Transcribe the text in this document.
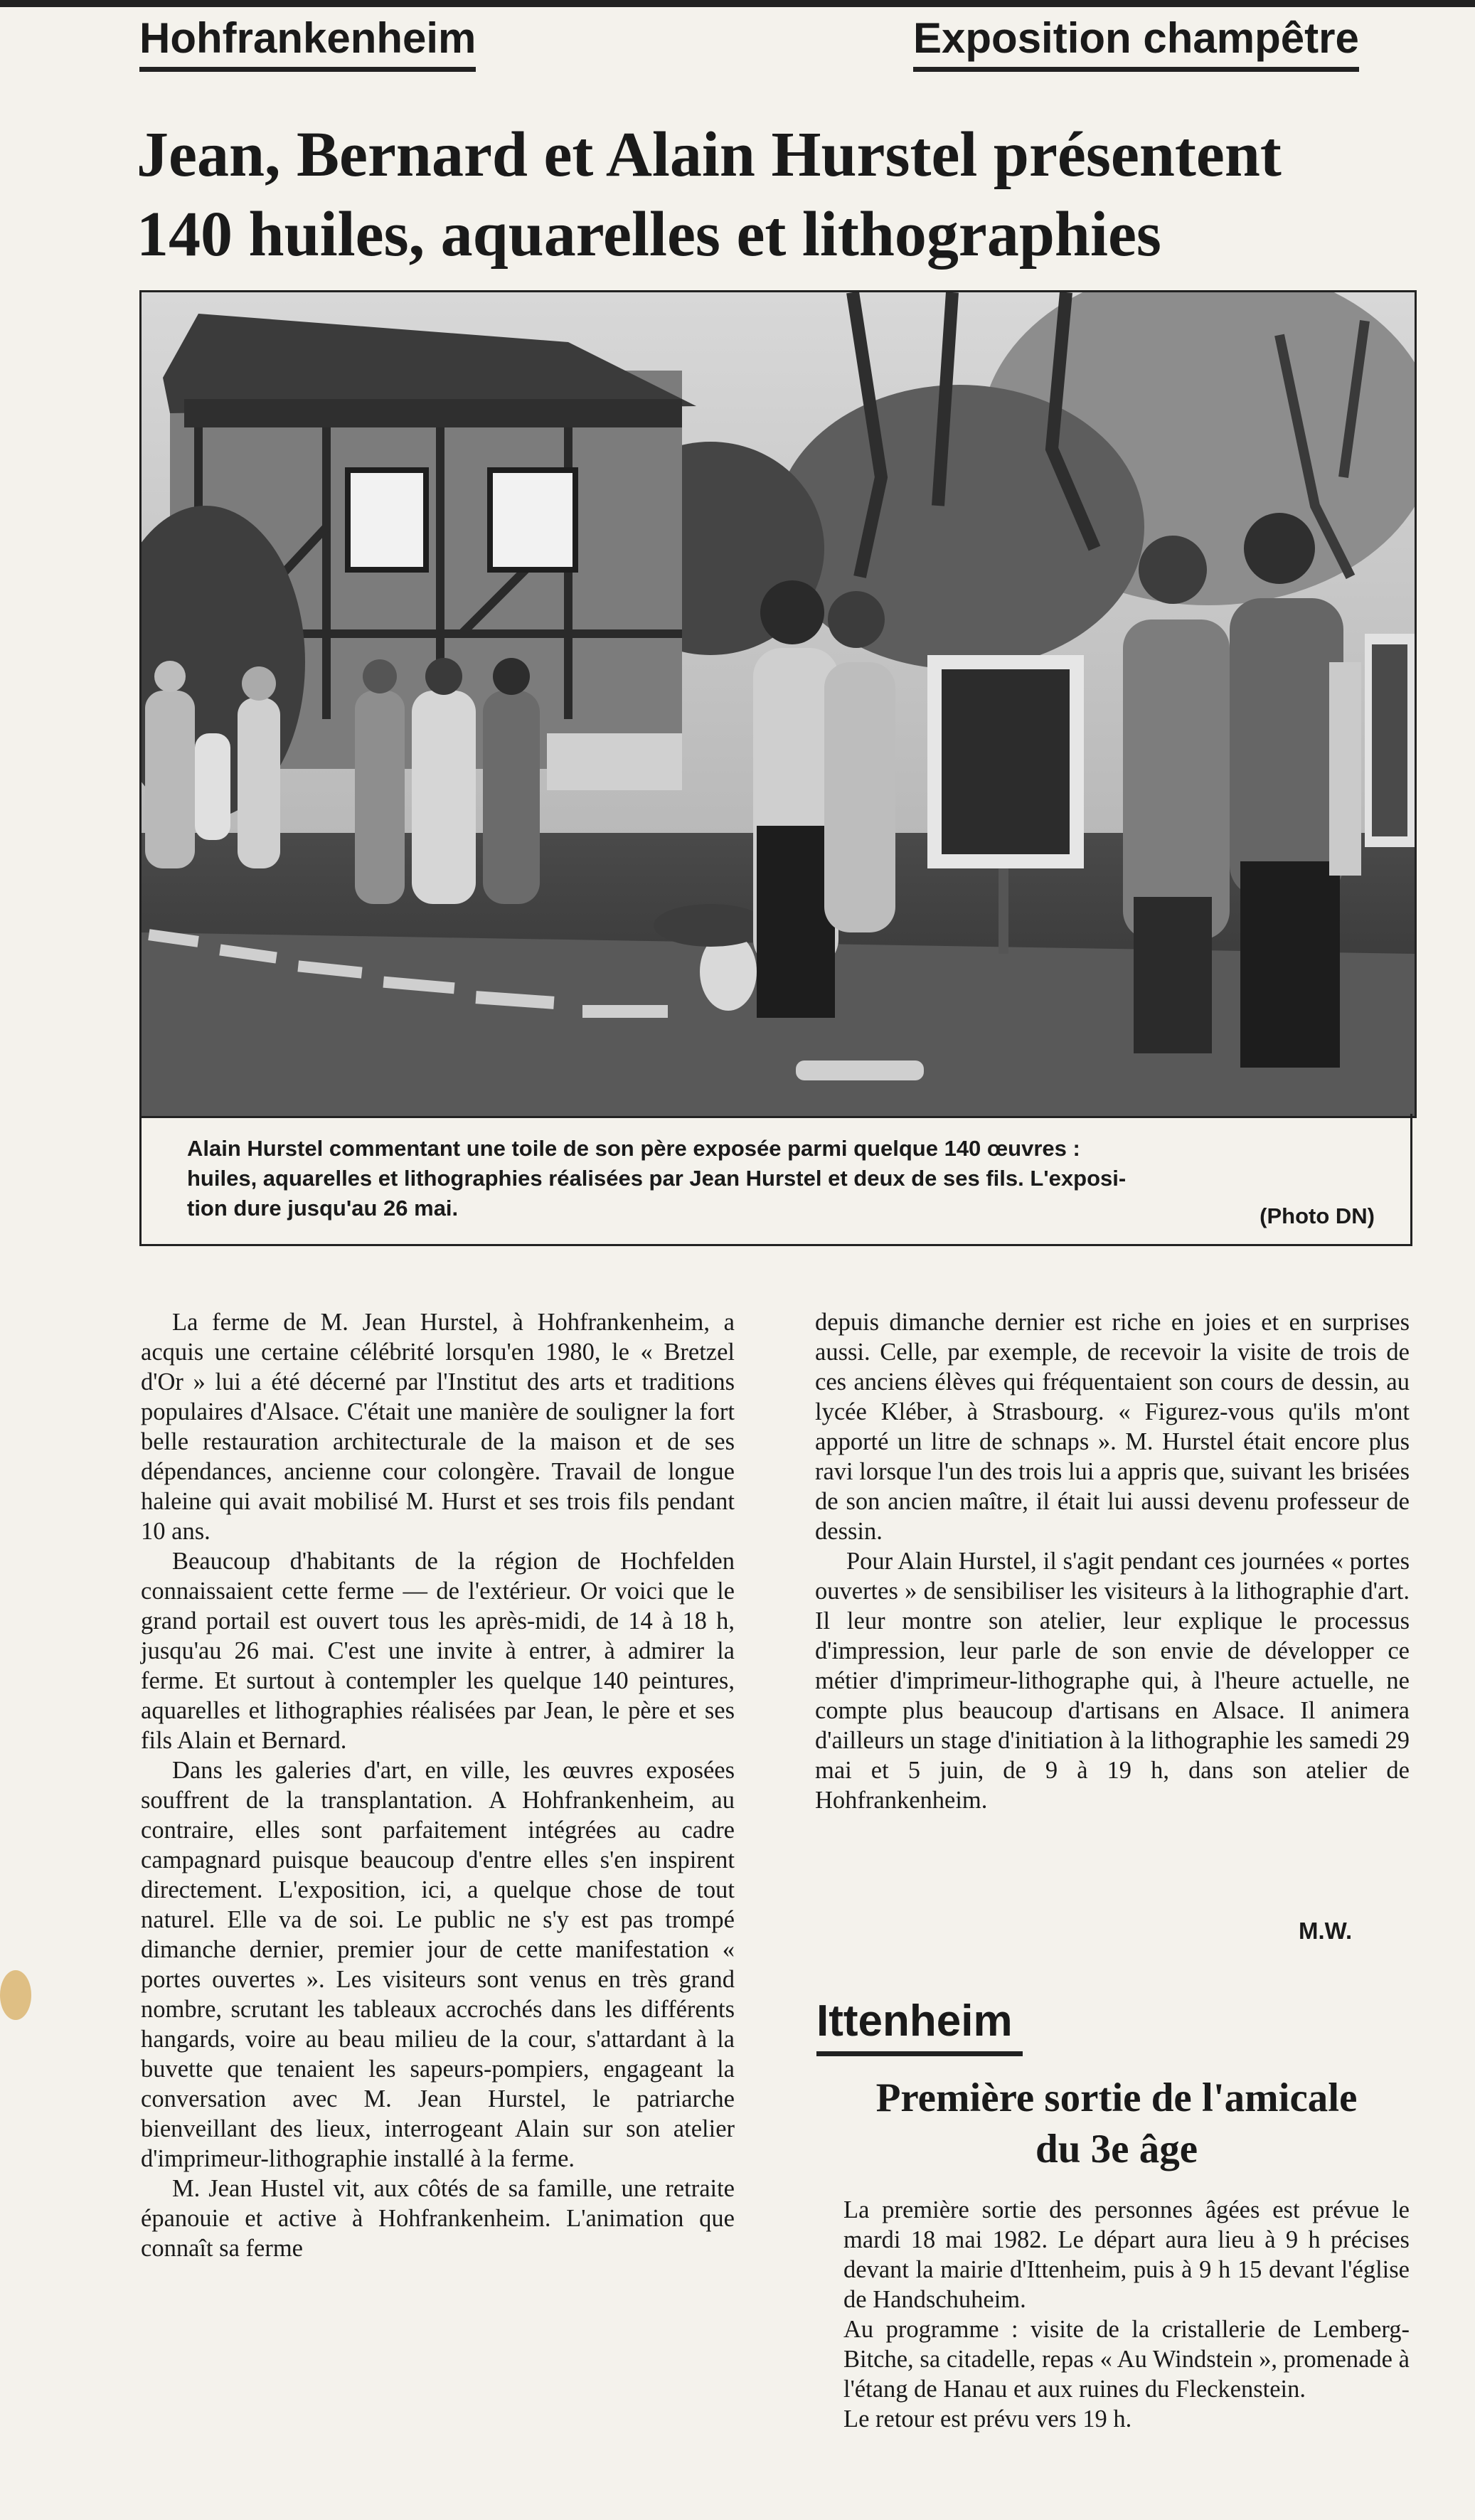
Hohfrankenheim	Exposition champêtre
Jean, Bernard et Alain Hurstel présentent
140 huiles, aquarelles et lithographies

Alain Hurstel commentant une toile de son père exposée parmi quelque 140 œuvres :
huiles, aquarelles et lithographies réalisées par Jean Hurstel et deux de ses fils. L'exposi-
tion dure jusqu'au 26 mai.	(Photo DN)

La ferme de M. Jean Hurstel, à Hohfrankenheim, a acquis une certaine célébrité lorsqu'en 1980, le « Bretzel d'Or » lui a été décerné par l'Institut des arts et traditions populaires d'Alsace. C'était une manière de souligner la fort belle restauration architecturale de la maison et de ses dépendances, ancienne cour colongère. Travail de longue haleine qui avait mobilisé M. Hurst et ses trois fils pendant 10 ans.

Beaucoup d'habitants de la région de Hochfelden connaissaient cette ferme — de l'extérieur. Or voici que le grand portail est ouvert tous les après-midi, de 14 à 18 h, jusqu'au 26 mai. C'est une invite à entrer, à admirer la ferme. Et surtout à contempler les quelque 140 peintures, aquarelles et lithographies réalisées par Jean, le père et ses fils Alain et Bernard.

Dans les galeries d'art, en ville, les œuvres exposées souffrent de la transplantation. A Hohfrankenheim, au contraire, elles sont parfaitement intégrées au cadre campagnard puisque beaucoup d'entre elles s'en inspirent directement. L'exposition, ici, a quelque chose de tout naturel. Elle va de soi. Le public ne s'y est pas trompé dimanche dernier, premier jour de cette manifestation « portes ouvertes ». Les visiteurs sont venus en très grand nombre, scrutant les tableaux accrochés dans les différents hangards, voire au beau milieu de la cour, s'attardant à la buvette que tenaient les sapeurs-pompiers, engageant la conversation avec M. Jean Hurstel, le patriarche bienveillant des lieux, interrogeant Alain sur son atelier d'imprimeur-lithographie installé à la ferme.

M. Jean Hustel vit, aux côtés de sa famille, une retraite épanouie et active à Hohfrankenheim. L'animation que connaît sa ferme

depuis dimanche dernier est riche en joies et en surprises aussi. Celle, par exemple, de recevoir la visite de trois de ces anciens élèves qui fréquentaient son cours de dessin, au lycée Kléber, à Strasbourg. « Figurez-vous qu'ils m'ont apporté un litre de schnaps ». M. Hurstel était encore plus ravi lorsque l'un des trois lui a appris que, suivant les brisées de son ancien maître, il était lui aussi devenu professeur de dessin.

Pour Alain Hurstel, il s'agit pendant ces journées « portes ouvertes » de sensibiliser les visiteurs à la lithographie d'art. Il leur montre son atelier, leur explique le processus d'impression, leur parle de son envie de développer ce métier d'imprimeur-lithographe qui, à l'heure actuelle, ne compte plus beaucoup d'artisans en Alsace. Il animera d'ailleurs un stage d'initiation à la lithographie les samedi 29 mai et 5 juin, de 9 à 19 h, dans son atelier de Hohfrankenheim.

M.W.
Ittenheim
Première sortie de l'amicale
du 3e âge

La première sortie des personnes âgées est prévue le mardi 18 mai 1982. Le départ aura lieu à 9 h précises devant la mairie d'Ittenheim, puis à 9 h 15 devant l'église de Handschuheim.

Au programme : visite de la cristallerie de Lemberg-Bitche, sa citadelle, repas « Au Windstein », promenade à l'étang de Hanau et aux ruines du Fleckenstein.

Le retour est prévu vers 19 h.
